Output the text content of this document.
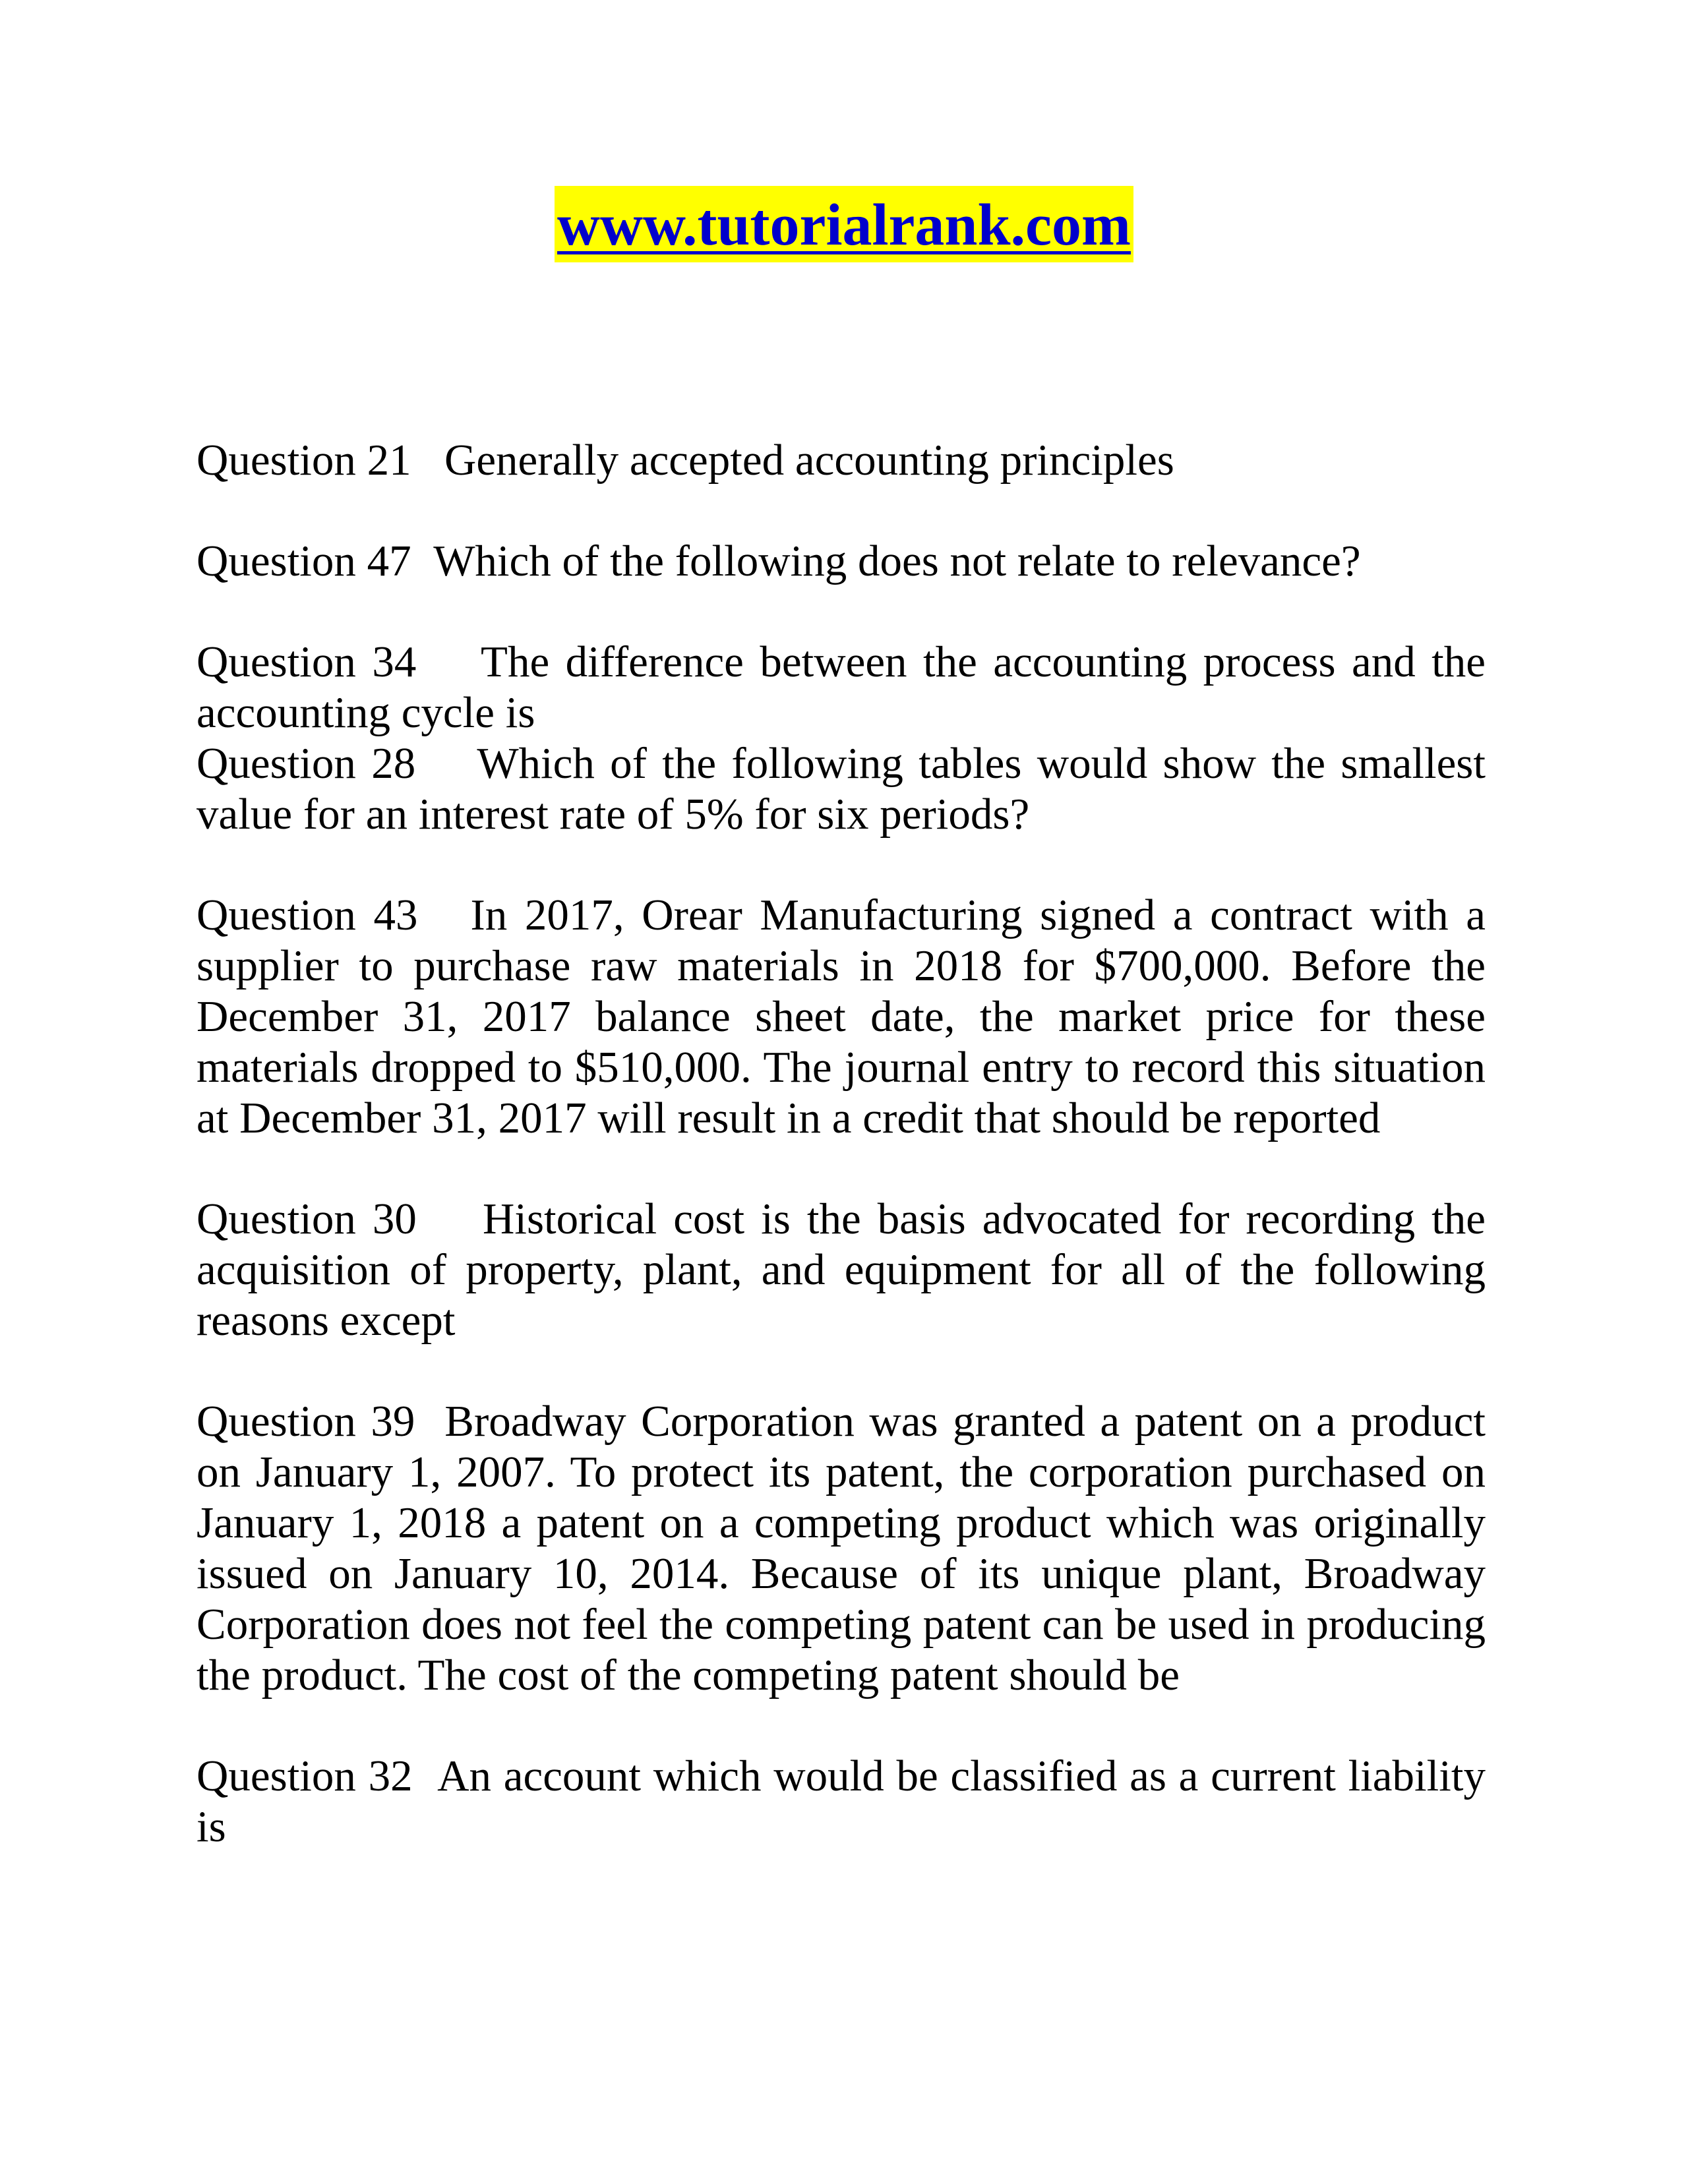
www.tutorialrank.com

Question 21 Generally accepted accounting principles

Question 47 Which of the following does not relate to relevance?

Question 34 The difference between the accounting process and the accounting cycle is

Question 28 Which of the following tables would show the smallest value for an interest rate of 5% for six periods?

Question 43 In 2017, Orear Manufacturing signed a contract with a supplier to purchase raw materials in 2018 for $700,000. Before the December 31, 2017 balance sheet date, the market price for these materials dropped to $510,000. The journal entry to record this situation at December 31, 2017 will result in a credit that should be reported

Question 30 Historical cost is the basis advocated for recording the acquisition of property, plant, and equipment for all of the following reasons except

Question 39 Broadway Corporation was granted a patent on a product on January 1, 2007. To protect its patent, the corporation purchased on January 1, 2018 a patent on a competing product which was originally issued on January 10, 2014. Because of its unique plant, Broadway Corporation does not feel the competing patent can be used in producing the product. The cost of the competing patent should be

Question 32 An account which would be classified as a current liability is
